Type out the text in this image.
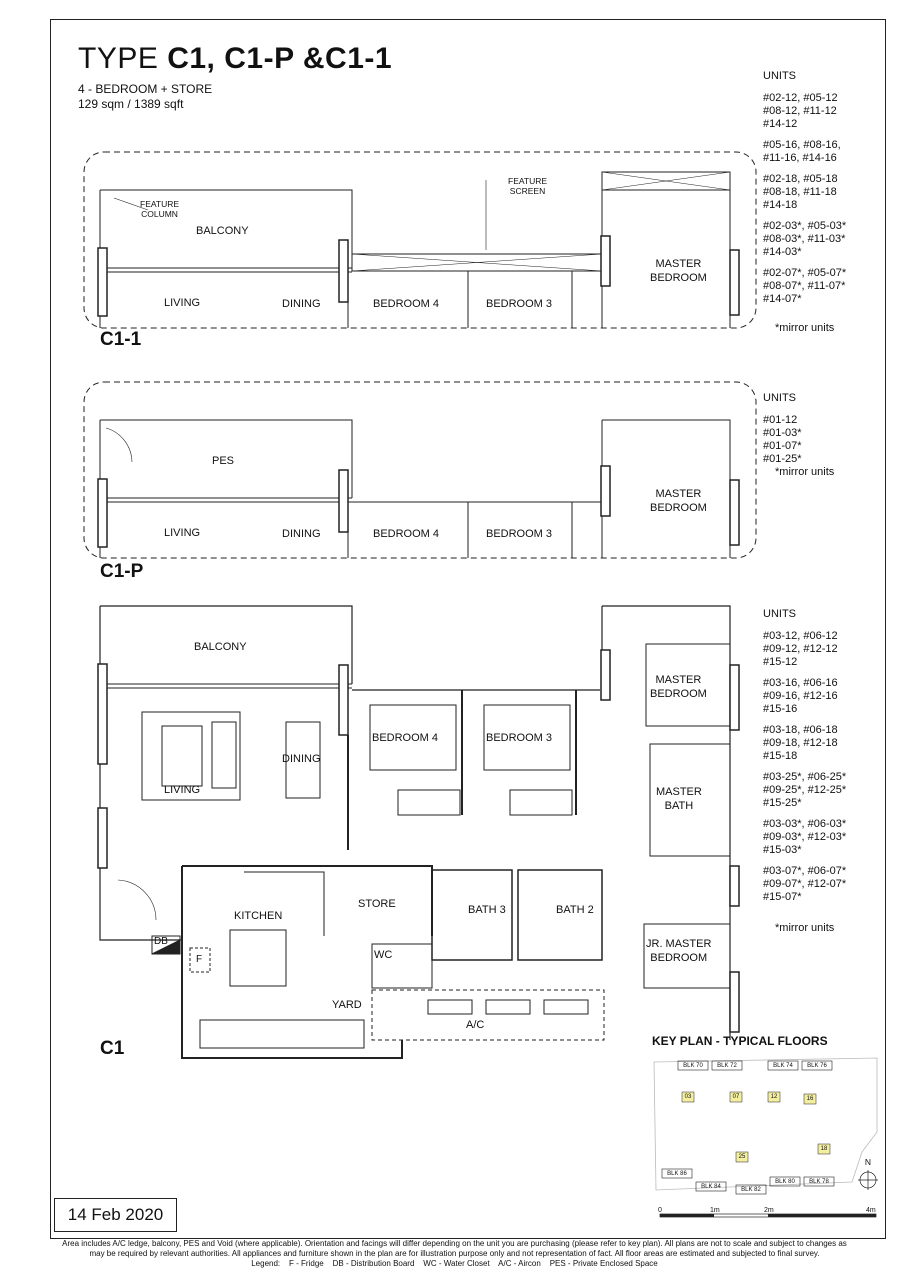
TYPE C1, C1-P &C1-1
4 - BEDROOM + STORE
129 sqm / 1389 sqft
UNITS
#02-12, #05-12
#08-12, #11-12
#14-12
#05-16, #08-16,
#11-16, #14-16
#02-18, #05-18
#08-18, #11-18
#14-18
#02-03*, #05-03*
#08-03*, #11-03*
#14-03*
#02-07*, #05-07*
#08-07*, #11-07*
#14-07*
*mirror units
UNITS
#01-12
#01-03*
#01-07*
#01-25*
*mirror units
UNITS
#03-12, #06-12
#09-12, #12-12
#15-12
#03-16, #06-16
#09-16, #12-16
#15-16
#03-18, #06-18
#09-18, #12-18
#15-18
#03-25*, #06-25*
#09-25*, #12-25*
#15-25*
#03-03*, #06-03*
#09-03*, #12-03*
#15-03*
#03-07*, #06-07*
#09-07*, #12-07*
#15-07*
*mirror units
FEATURE
COLUMN
BALCONY
FEATURE
SCREEN
LIVING	DINING	BEDROOM 4	BEDROOM 3
MASTER
BEDROOM
C1-1
PES
LIVING	DINING	BEDROOM 4	BEDROOM 3
MASTER
BEDROOM
C1-P
BALCONY
LIVING
DINING
BEDROOM 4	BEDROOM 3
MASTER
BEDROOM
MASTER
BATH
KITCHEN
STORE	BATH 3	BATH 2
WC
YARD
A/C
DB
F
JR. MASTER
BEDROOM
C1	KEY PLAN - TYPICAL FLOORS
BLK 70	BLK 72	BLK 74	BLK 76
03	07	12	16
18
25
BLK 86
BLK 84	BLK 82
BLK 80	BLK 78
N
0	1m	2m	4m
14 Feb 2020
Area includes A/C ledge, balcony, PES and Void (where applicable). Orientation and facings will differ depending on the unit you are purchasing (please refer to key plan). All plans are not to scale and subject to changes as
may be required by relevant authorities. All appliances and furniture shown in the plan are for illustration purpose only and not representation of fact. All floor areas are estimated and subjected to final survey.
Legend:    F - Fridge    DB - Distribution Board    WC - Water Closet    A/C - Aircon    PES - Private Enclosed Space
